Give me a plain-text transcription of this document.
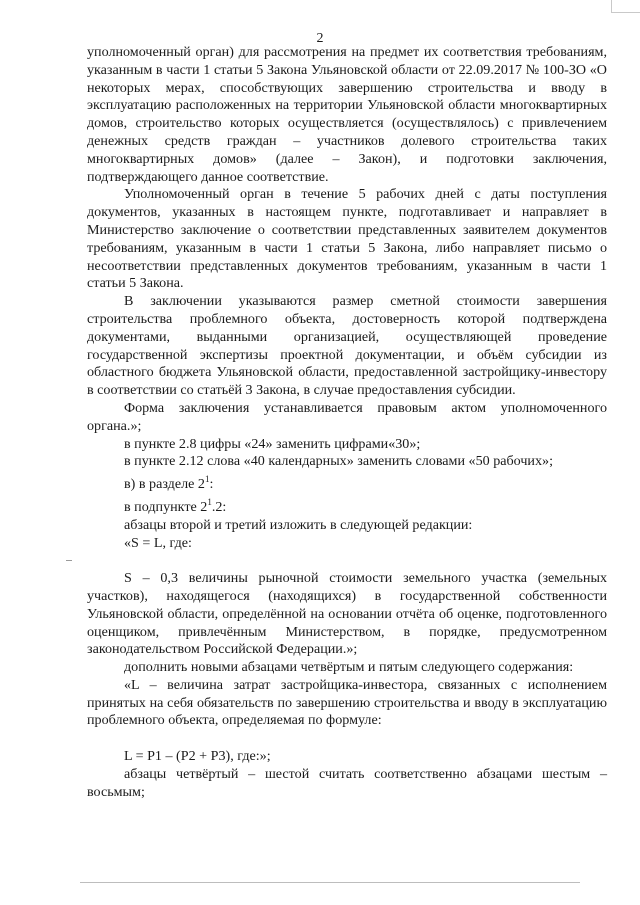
2

уполномоченный орган) для рассмотрения на предмет их соответствия требованиям, указанным в части 1 статьи 5 Закона Ульяновской области от 22.09.2017 № 100-ЗО «О некоторых мерах, способствующих завершению строительства и вводу в эксплуатацию расположенных на территории Ульяновской области многоквартирных домов, строительство которых осуществляется (осуществлялось) с привлечением денежных средств граждан – участников долевого строительства таких многоквартирных домов» (далее – Закон), и подготовки заключения, подтверждающего данное соответствие.

Уполномоченный орган в течение 5 рабочих дней с даты поступления документов, указанных в настоящем пункте, подготавливает и направляет в Министерство заключение о соответствии представленных заявителем документов требованиям, указанным в части 1 статьи 5 Закона, либо направляет письмо о несоответствии представленных документов требованиям, указанным в части 1 статьи 5 Закона.

В заключении указываются размер сметной стоимости завершения строительства проблемного объекта, достоверность которой подтверждена документами, выданными организацией, осуществляющей проведение государственной экспертизы проектной документации, и объём субсидии из областного бюджета Ульяновской области, предоставленной застройщику-инвестору в соответствии со статьёй 3 Закона, в случае предоставления субсидии.

Форма заключения устанавливается правовым актом уполномоченного органа.»;

в пункте 2.8 цифры «24» заменить цифрами«30»;

в пункте 2.12 слова «40 календарных» заменить словами «50 рабочих»;

в) в разделе $2^1$:

в подпункте $2^1.2$:

абзацы второй и третий изложить в следующей редакции:

«S = L, где:

S – 0,3 величины рыночной стоимости земельного участка (земельных участков), находящегося (находящихся) в государственной собственности Ульяновской области, определённой на основании отчёта об оценке, подготовленного оценщиком, привлечённым Министерством, в порядке, предусмотренном законодательством Российской Федерации.»;

дополнить новыми абзацами четвёртым и пятым следующего содержания:

«L – величина затрат застройщика-инвестора, связанных с исполнением принятых на себя обязательств по завершению строительства и вводу в эксплуатацию проблемного объекта, определяемая по формуле:

L = P1 – (P2 + P3), где:»;

абзацы четвёртый – шестой считать соответственно абзацами шестым – восьмым;
